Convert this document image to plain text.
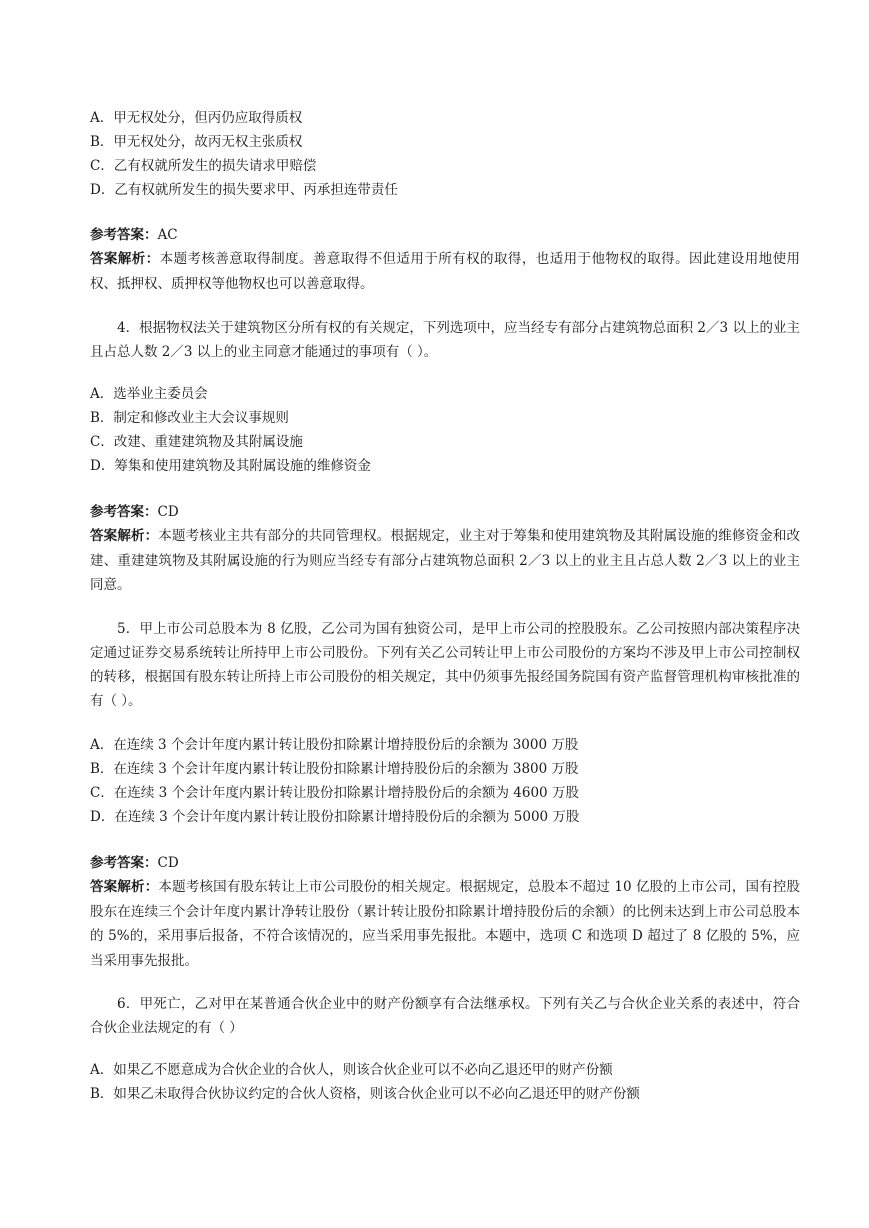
A．甲无权处分，但丙仍应取得质权
B．甲无权处分，故丙无权主张质权
C．乙有权就所发生的损失请求甲赔偿
D．乙有权就所发生的损失要求甲、丙承担连带责任
参考答案：AC
答案解析：本题考核善意取得制度。善意取得不但适用于所有权的取得，也适用于他物权的取得。因此建设用地使用权、抵押权、质押权等他物权也可以善意取得。
4．根据物权法关于建筑物区分所有权的有关规定，下列选项中，应当经专有部分占建筑物总面积 2／3 以上的业主且占总人数 2／3 以上的业主同意才能通过的事项有（ ）。
A．选举业主委员会
B．制定和修改业主大会议事规则
C．改建、重建建筑物及其附属设施
D．筹集和使用建筑物及其附属设施的维修资金
参考答案：CD
答案解析：本题考核业主共有部分的共同管理权。根据规定，业主对于筹集和使用建筑物及其附属设施的维修资金和改建、重建建筑物及其附属设施的行为则应当经专有部分占建筑物总面积 2／3 以上的业主且占总人数 2／3 以上的业主同意。
5．甲上市公司总股本为 8 亿股，乙公司为国有独资公司，是甲上市公司的控股股东。乙公司按照内部决策程序决定通过证券交易系统转让所持甲上市公司股份。下列有关乙公司转让甲上市公司股份的方案均不涉及甲上市公司控制权的转移，根据国有股东转让所持上市公司股份的相关规定，其中仍须事先报经国务院国有资产监督管理机构审核批准的有（ ）。
A．在连续 3 个会计年度内累计转让股份扣除累计增持股份后的余额为 3000 万股
B．在连续 3 个会计年度内累计转让股份扣除累计增持股份后的余额为 3800 万股
C．在连续 3 个会计年度内累计转让股份扣除累计增持股份后的余额为 4600 万股
D．在连续 3 个会计年度内累计转让股份扣除累计增持股份后的余额为 5000 万股
参考答案：CD
答案解析：本题考核国有股东转让上市公司股份的相关规定。根据规定，总股本不超过 10 亿股的上市公司，国有控股股东在连续三个会计年度内累计净转让股份（累计转让股份扣除累计增持股份后的余额）的比例未达到上市公司总股本的 5%的，采用事后报备，不符合该情况的，应当采用事先报批。本题中，选项 C 和选项 D 超过了 8 亿股的 5%，应当采用事先报批。
6．甲死亡，乙对甲在某普通合伙企业中的财产份额享有合法继承权。下列有关乙与合伙企业关系的表述中，符合合伙企业法规定的有（ ）
A．如果乙不愿意成为合伙企业的合伙人，则该合伙企业可以不必向乙退还甲的财产份额
B．如果乙未取得合伙协议约定的合伙人资格，则该合伙企业可以不必向乙退还甲的财产份额
